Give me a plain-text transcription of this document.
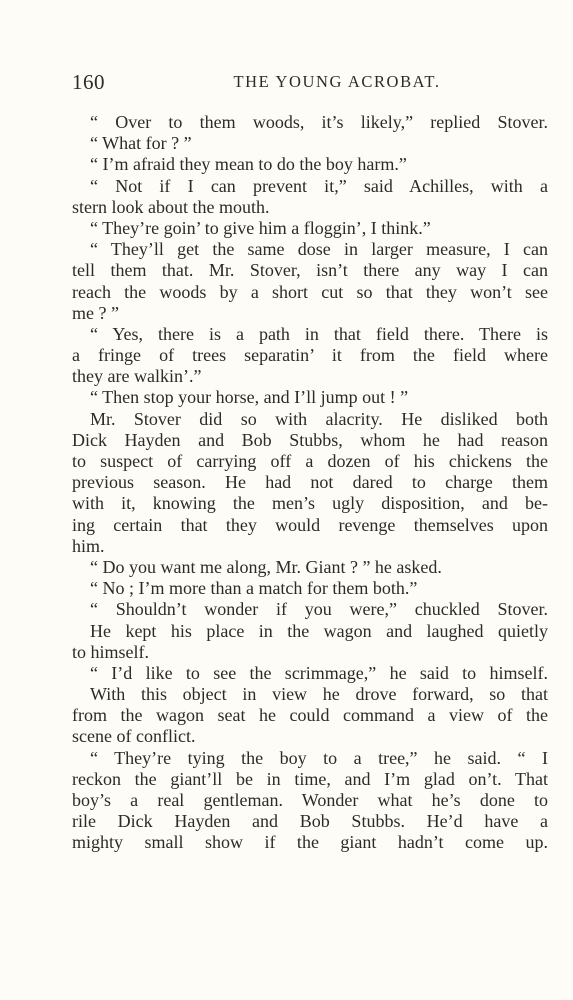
160	THE YOUNG ACROBAT.
“ Over to them woods, it’s likely,” replied Stover.
“ What for ? ”
“ I’m afraid they mean to do the boy harm.”
“ Not if I can prevent it,” said Achilles, with a
stern look about the mouth.
“ They’re goin’ to give him a floggin’, I think.”
“ They’ll get the same dose in larger measure, I can
tell them that. Mr. Stover, isn’t there any way I can
reach the woods by a short cut so that they won’t see
me ? ”
“ Yes, there is a path in that field there. There is
a fringe of trees separatin’ it from the field where
they are walkin’.”
“ Then stop your horse, and I’ll jump out ! ”
Mr. Stover did so with alacrity. He disliked both
Dick Hayden and Bob Stubbs, whom he had reason
to suspect of carrying off a dozen of his chickens the
previous season. He had not dared to charge them
with it, knowing the men’s ugly disposition, and be-
ing certain that they would revenge themselves upon
him.
“ Do you want me along, Mr. Giant ? ” he asked.
“ No ; I’m more than a match for them both.”
“ Shouldn’t wonder if you were,” chuckled Stover.
He kept his place in the wagon and laughed quietly
to himself.
“ I’d like to see the scrimmage,” he said to himself.
With this object in view he drove forward, so that
from the wagon seat he could command a view of the
scene of conflict.
“ They’re tying the boy to a tree,” he said. “ I
reckon the giant’ll be in time, and I’m glad on’t. That
boy’s a real gentleman. Wonder what he’s done to
rile Dick Hayden and Bob Stubbs. He’d have a
mighty small show if the giant hadn’t come up.
